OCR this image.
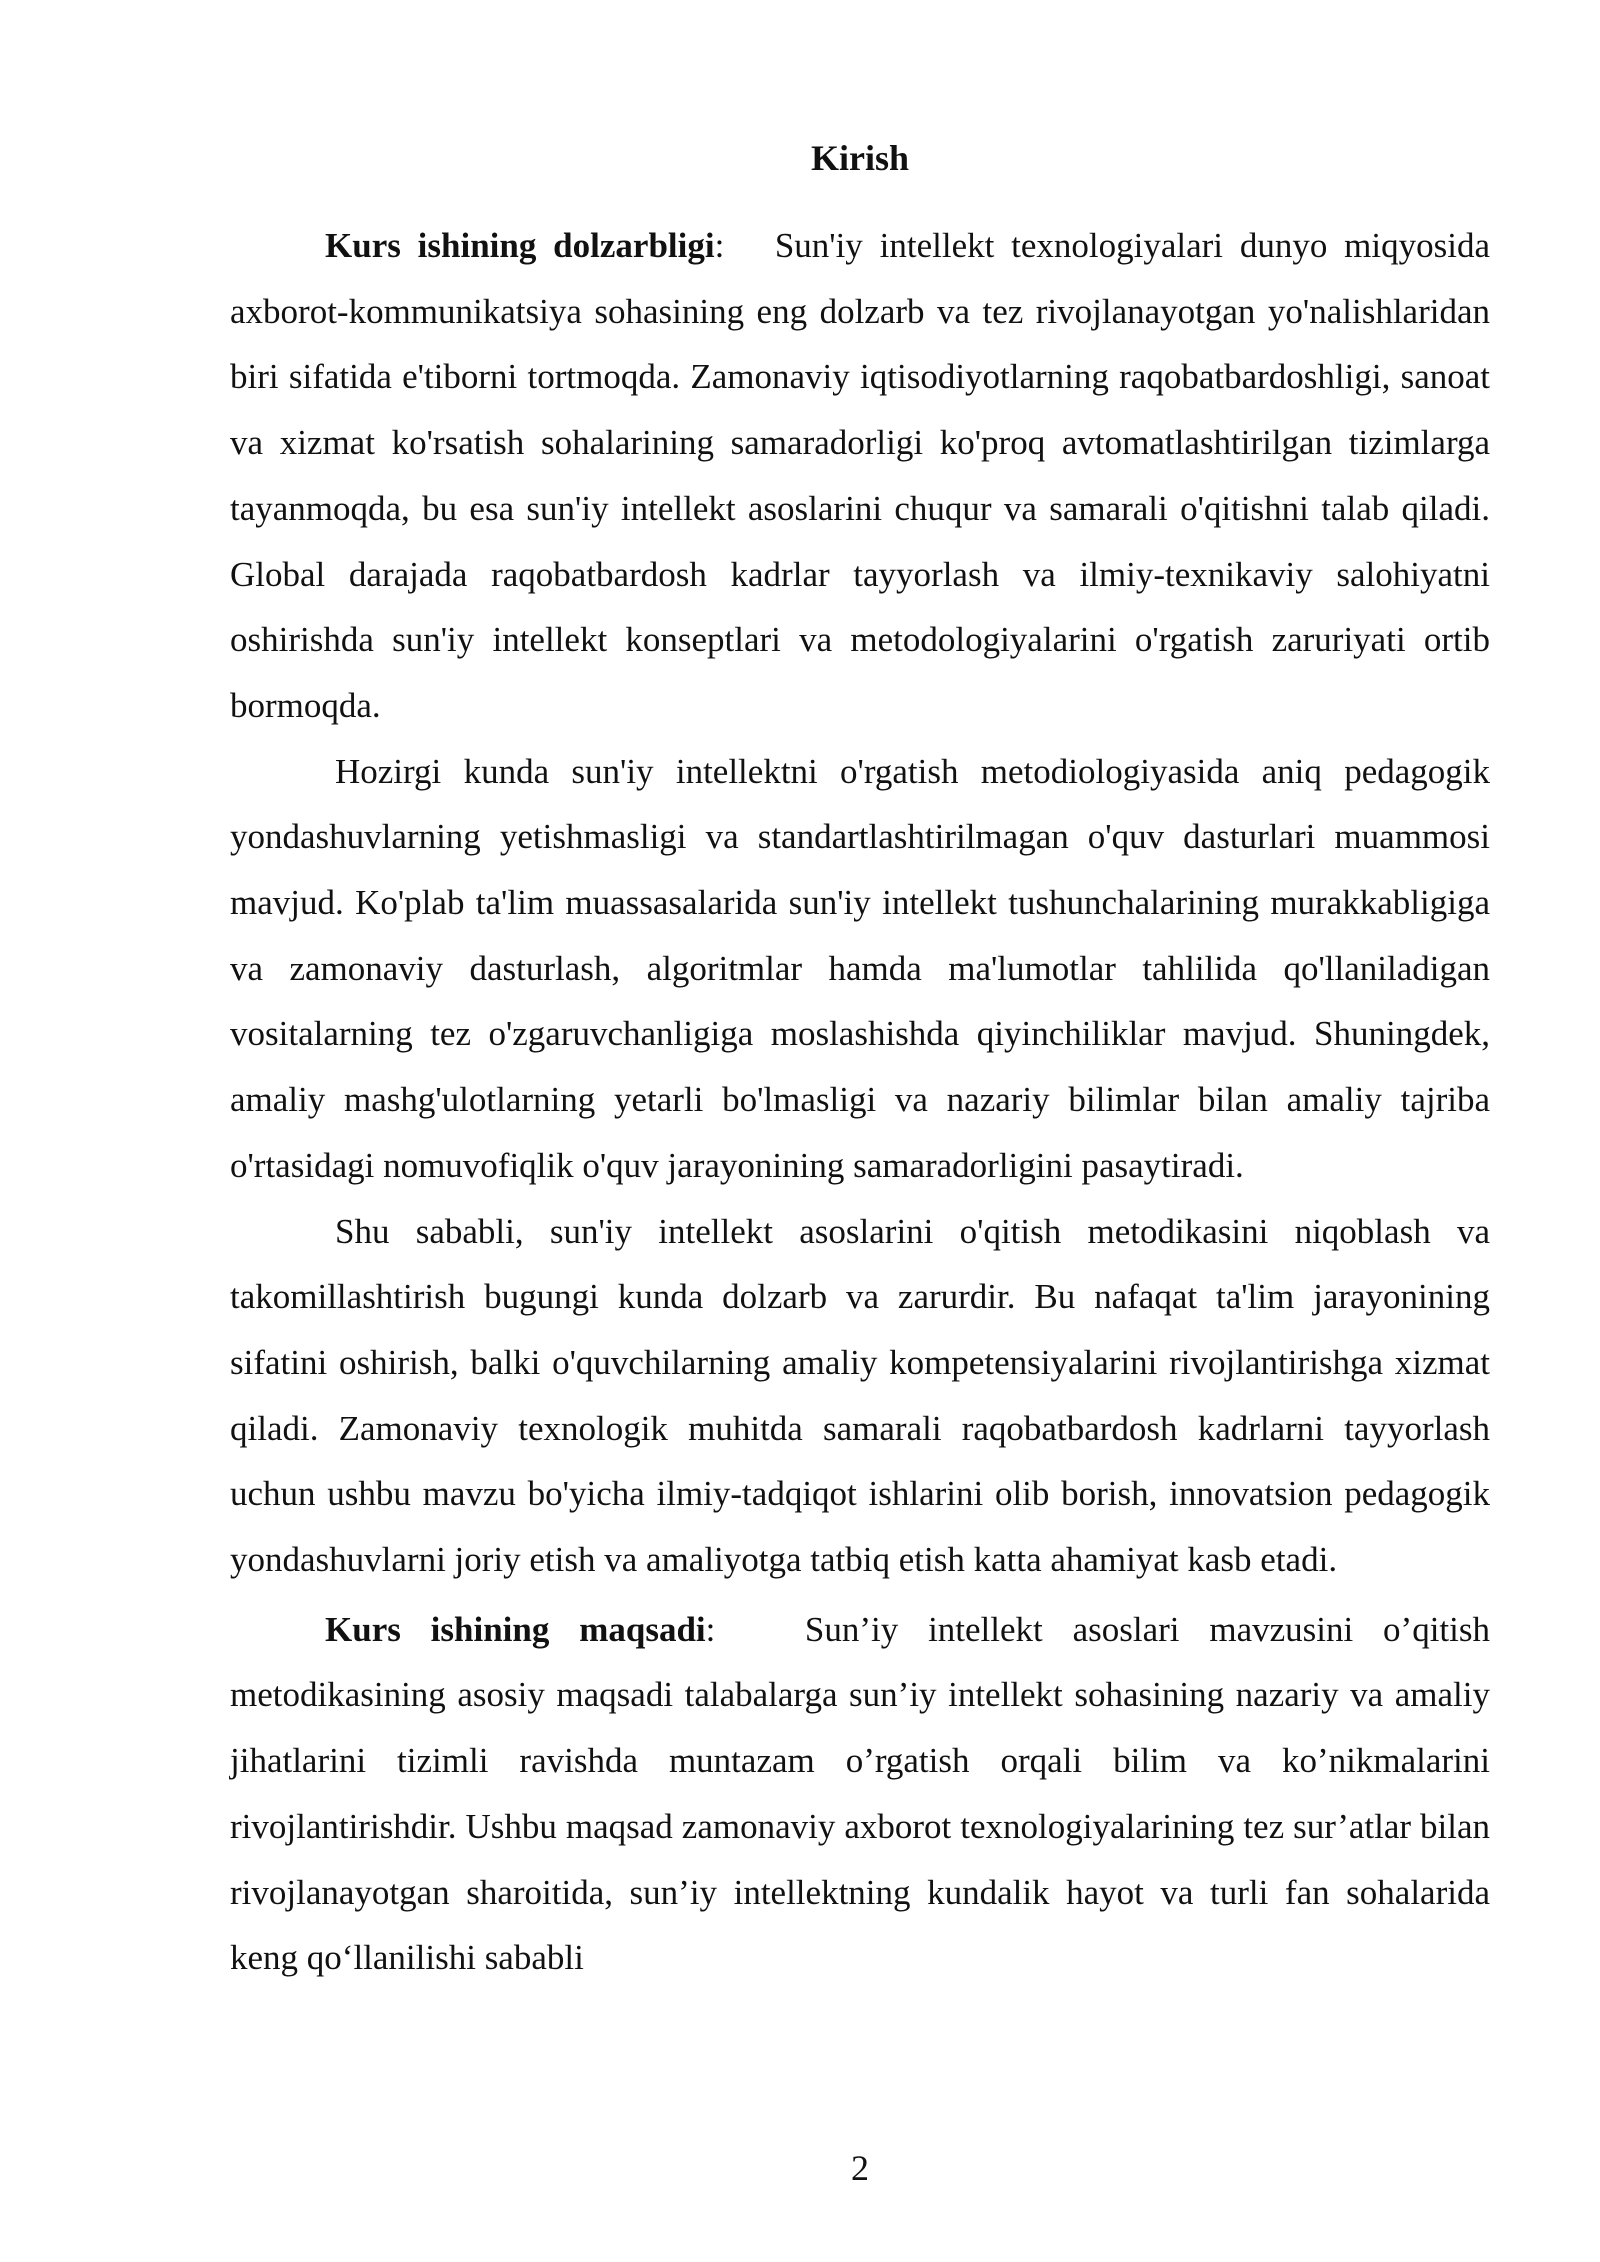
Kirish

Kurs ishining dolzarbligi: Sun'iy intellekt texnologiyalari dunyo miqyosida axborot-kommunikatsiya sohasining eng dolzarb va tez rivojlanayotgan yo'nalishlaridan biri sifatida e'tiborni tortmoqda. Zamonaviy iqtisodiyotlarning raqobatbardoshligi, sanoat va xizmat ko'rsatish sohalarining samaradorligi ko'proq avtomatlashtirilgan tizimlarga tayanmoqda, bu esa sun'iy intellekt asoslarini chuqur va samarali o'qitishni talab qiladi. Global darajada raqobatbardosh kadrlar tayyorlash va ilmiy-texnikaviy salohiyatni oshirishda sun'iy intellekt konseptlari va metodologiyalarini o'rgatish zaruriyati ortib bormoqda.

Hozirgi kunda sun'iy intellektni o'rgatish metodiologiyasida aniq pedagogik yondashuvlarning yetishmasligi va standartlashtirilmagan o'quv dasturlari muammosi mavjud. Ko'plab ta'lim muassasalarida sun'iy intellekt tushunchalarining murakkabligiga va zamonaviy dasturlash, algoritmlar hamda ma'lumotlar tahlilida qo'llaniladigan vositalarning tez o'zgaruvchanligiga moslashishda qiyinchiliklar mavjud. Shuningdek, amaliy mashg'ulotlarning yetarli bo'lmasligi va nazariy bilimlar bilan amaliy tajriba o'rtasidagi nomuvofiqlik o'quv jarayonining samaradorligini pasaytiradi.

Shu sababli, sun'iy intellekt asoslarini o'qitish metodikasini niqoblash va takomillashtirish bugungi kunda dolzarb va zarurdir. Bu nafaqat ta'lim jarayonining sifatini oshirish, balki o'quvchilarning amaliy kompetensiyalarini rivojlantirishga xizmat qiladi. Zamonaviy texnologik muhitda samarali raqobatbardosh kadrlarni tayyorlash uchun ushbu mavzu bo'yicha ilmiy-tadqiqot ishlarini olib borish, innovatsion pedagogik yondashuvlarni joriy etish va amaliyotga tatbiq etish katta ahamiyat kasb etadi.

Kurs ishining maqsadi:	Sun’iy intellekt asoslari mavzusini o’qitish metodikasining asosiy maqsadi talabalarga sun’iy intellekt sohasining nazariy va amaliy jihatlarini tizimli ravishda muntazam o’rgatish orqali bilim va ko’nikmalarini rivojlantirishdir. Ushbu maqsad zamonaviy axborot texnologiyalarining tez sur’atlar bilan rivojlanayotgan sharoitida, sun’iy intellektning kundalik hayot va turli fan sohalarida keng qo‘llanilishi sababli

2
